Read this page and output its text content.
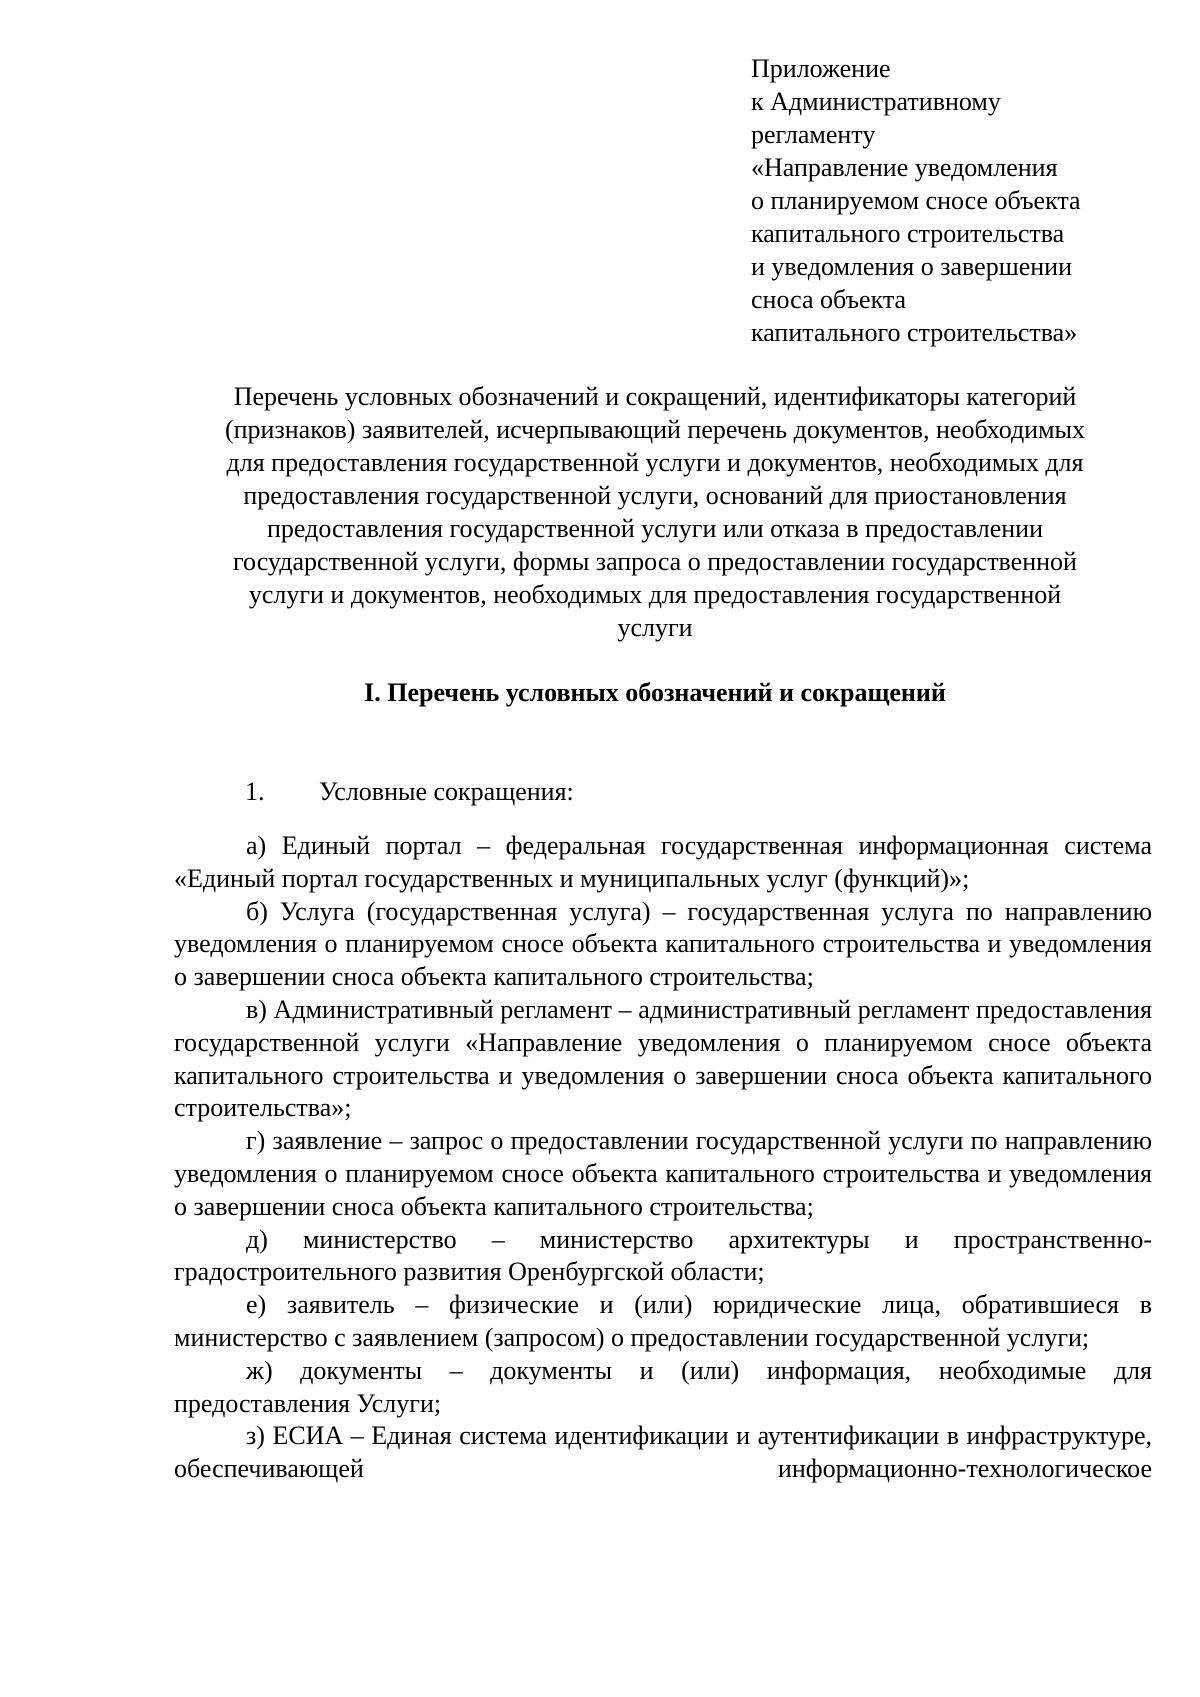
Приложение
к Административному
регламенту
«Направление уведомления
о планируемом сносе объекта
капитального строительства
и уведомления о завершении
сноса объекта
капитального строительства»
Перечень условных обозначений и сокращений, идентификаторы категорий
(признаков) заявителей, исчерпывающий перечень документов, необходимых
для предоставления государственной услуги и документов, необходимых для
предоставления государственной услуги, оснований для приостановления
предоставления государственной услуги или отказа в предоставлении
государственной услуги, формы запроса о предоставлении государственной
услуги и документов, необходимых для предоставления государственной
услуги
I. Перечень условных обозначений и сокращений
1. Условные сокращения:

а) Единый портал – федеральная государственная информационная система «Единый портал государственных и муниципальных услуг (функций)»;

б) Услуга (государственная услуга) – государственная услуга по направлению уведомления о планируемом сносе объекта капитального строительства и уведомления о завершении сноса объекта капитального строительства;

в) Административный регламент – административный регламент предоставления государственной услуги «Направление уведомления о планируемом сносе объекта капитального строительства и уведомления о завершении сноса объекта капитального строительства»;

г) заявление – запрос о предоставлении государственной услуги по направлению уведомления о планируемом сносе объекта капитального строительства и уведомления о завершении сноса объекта капитального строительства;

д) министерство – министерство архитектуры и пространственно-градостроительного развития Оренбургской области;

е) заявитель – физические и (или) юридические лица, обратившиеся в министерство с заявлением (запросом) о предоставлении государственной услуги;

ж) документы – документы и (или) информация, необходимые для предоставления Услуги;

з) ЕСИА – Единая система идентификации и аутентификации в инфраструктуре, обеспечивающей информационно-технологическое
